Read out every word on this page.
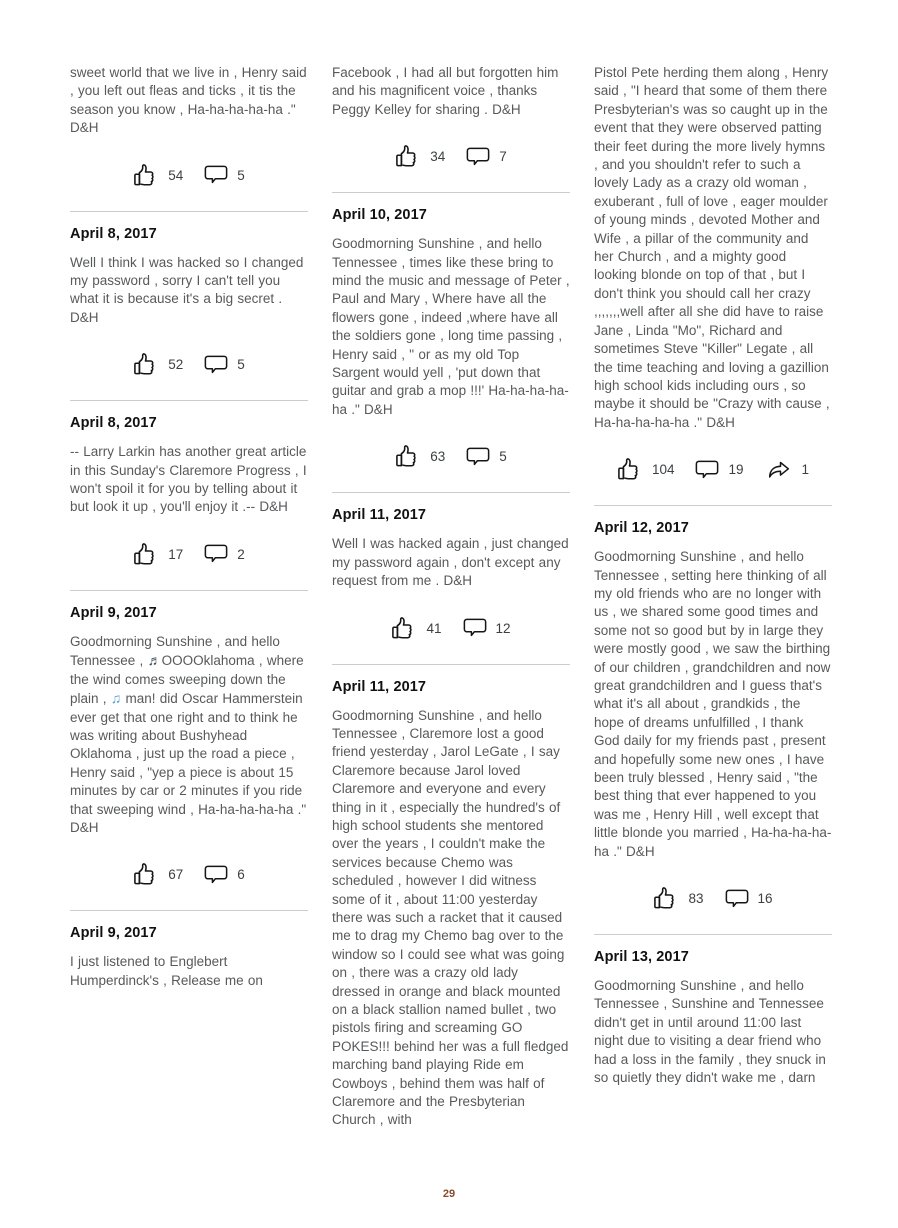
sweet world that we live in , Henry said , you left out fleas and ticks , it tis the season you know , Ha-ha-ha-ha-ha ." D&H

54	5
April 8, 2017

Well I think I was hacked so I changed my password , sorry I can't tell you what it is because it's a big secret . D&H

52	5
April 8, 2017

-- Larry Larkin has another great article in this Sunday's Claremore Progress , I won't spoil it for you by telling about it but look it up , you'll enjoy it .-- D&H

17	2
April 9, 2017

Goodmorning Sunshine , and hello Tennessee , ♬OOOOklahoma , where the wind comes sweeping down the plain , ♫ man! did Oscar Hammerstein ever get that one right and to think he was writing about Bushyhead Oklahoma , just up the road a piece , Henry said , "yep a piece is about 15 minutes by car or 2 minutes if you ride that sweeping wind , Ha-ha-ha-ha-ha ." D&H

67	6
April 9, 2017

I just listened to Englebert Humperdinck's , Release me on

Facebook , I had all but forgotten him and his magnificent voice , thanks Peggy Kelley for sharing . D&H

34	7
April 10, 2017

Goodmorning Sunshine , and hello Tennessee , times like these bring to mind the music and message of Peter , Paul and Mary , Where have all the flowers gone , indeed ,where have all the soldiers gone , long time passing , Henry said , " or as my old Top Sargent would yell , 'put down that guitar and grab a mop !!!' Ha-ha-ha-ha-ha ." D&H

63	5
April 11, 2017

Well I was hacked again , just changed my password again , don't except any request from me . D&H

41	12
April 11, 2017

Goodmorning Sunshine , and hello Tennessee , Claremore lost a good friend yesterday , Jarol LeGate , I say Claremore because Jarol loved Claremore and everyone and every thing in it , especially the hundred's of high school students she mentored over the years , I couldn't make the services because Chemo was scheduled , however I did witness some of it , about 11:00 yesterday there was such a racket that it caused me to drag my Chemo bag over to the window so I could see what was going on , there was a crazy old lady dressed in orange and black mounted on a black stallion named bullet , two pistols firing and screaming GO POKES!!! behind her was a full fledged marching band playing Ride em Cowboys , behind them was half of Claremore and the Presbyterian Church , with

Pistol Pete herding them along , Henry said , "I heard that some of them there Presbyterian's was so caught up in the event that they were observed patting their feet during the more lively hymns , and you shouldn't refer to such a lovely Lady as a crazy old woman , exuberant , full of love , eager moulder of young minds , devoted Mother and Wife , a pillar of the community and her Church , and a mighty good looking blonde on top of that , but I don't think you should call her crazy ,,,,,,,well after all she did have to raise Jane , Linda "Mo", Richard and sometimes Steve "Killer" Legate , all the time teaching and loving a gazillion high school kids including ours , so maybe it should be "Crazy with cause , Ha-ha-ha-ha-ha ." D&H

104	19	1
April 12, 2017

Goodmorning Sunshine , and hello Tennessee , setting here thinking of all my old friends who are no longer with us , we shared some good times and some not so good but by in large they were mostly good , we saw the birthing of our children , grandchildren and now great grandchildren and I guess that's what it's all about , grandkids , the hope of dreams unfulfilled , I thank God daily for my friends past , present and hopefully some new ones , I have been truly blessed , Henry said , "the best thing that ever happened to you was me , Henry Hill , well except that little blonde you married , Ha-ha-ha-ha-ha ." D&H

83	16
April 13, 2017

Goodmorning Sunshine , and hello Tennessee , Sunshine and Tennessee didn't get in until around 11:00 last night due to visiting a dear friend who had a loss in the family , they snuck in so quietly they didn't wake me , darn

29
